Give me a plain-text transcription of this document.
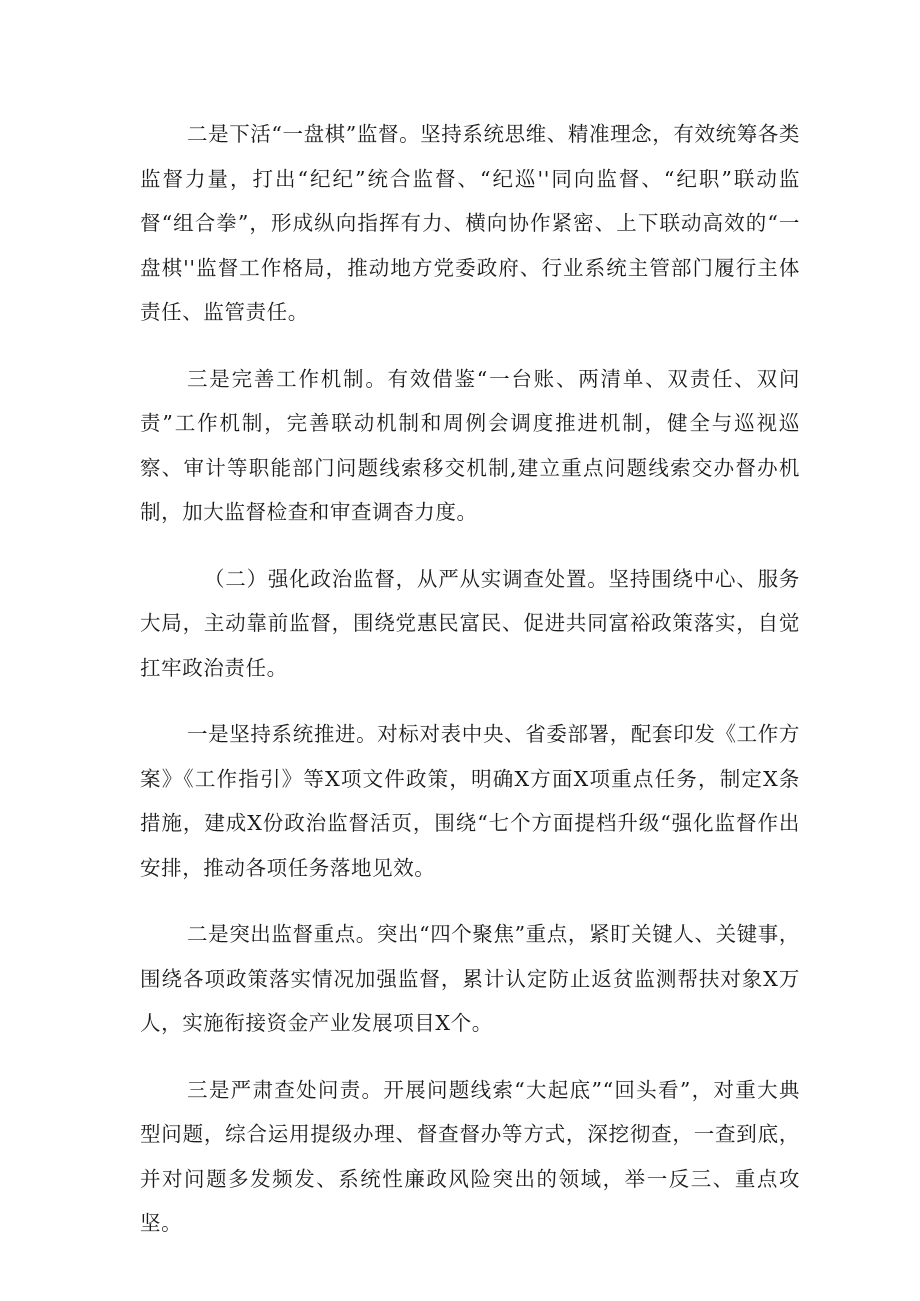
二是下活“一盘棋”监督。坚持系统思维、精准理念，有效统筹各类监督力量，打出“纪纪”统合监督、“纪巡''同向监督、“纪职”联动监督“组合拳”，形成纵向指挥有力、横向协作紧密、上下联动高效的“一盘棋''监督工作格局，推动地方党委政府、行业系统主管部门履行主体责任、监管责任。

三是完善工作机制。有效借鉴“一台账、两清单、双责任、双问责”工作机制，完善联动机制和周例会调度推进机制，健全与巡视巡察、审计等职能部门问题线索移交机制,建立重点问题线索交办督办机制，加大监督检查和审查调杳力度。

（二）强化政治监督，从严从实调查处置。坚持围绕中心、服务大局，主动靠前监督，围绕党惠民富民、促进共同富裕政策落实，自觉扛牢政治责任。

一是坚持系统推进。对标对表中央、省委部署，配套印发《工作方案》《工作指引》等X项文件政策，明确X方面X项重点任务，制定X条措施，建成X份政治监督活页，围绕“七个方面提档升级“强化监督作出安排，推动各项任务落地见效。

二是突出监督重点。突出“四个聚焦”重点，紧盯关键人、关键事，围绕各项政策落实情况加强监督，累计认定防止返贫监测帮扶对象X万人，实施衔接资金产业发展项目X个。

三是严肃查处问责。开展问题线索“大起底”“回头看”，对重大典型问题，综合运用提级办理、督查督办等方式，深挖彻查，一查到底，并对问题多发频发、系统性廉政风险突出的领域，举一反三、重点攻坚。
